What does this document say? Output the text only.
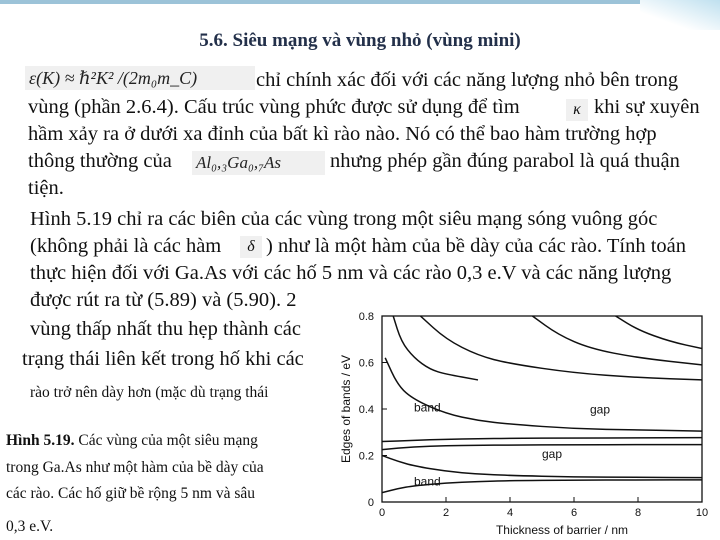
5.6. Siêu mạng và vùng nhỏ (vùng mini)
ε(K) ≈ ℏ²K² /(2m₀m_C)
κ
Al₀,₃Ga₀,₇As
δ
chỉ chính xác đối với các năng lượng nhỏ bên trong
vùng (phần 2.6.4). Cấu trúc vùng phức được sử dụng để tìm	khi sự xuyên
hầm xảy ra ở dưới xa đỉnh của bất kì rào nào. Nó có thể bao hàm trường hợp
thông thường của	nhưng phép gần đúng parabol là quá thuận
tiện.
Hình 5.19 chỉ ra các biên của các vùng trong một siêu mạng sóng vuông góc
(không phải là các hàm ) như là một hàm của bề dày của các rào. Tính toán
thực hiện đối với Ga.As với các hố 5 nm và các rào 0,3 e.V và các năng lượng
được rút ra từ (5.89) và (5.90). 2
vùng thấp nhất thu hẹp thành các
trạng thái liên kết trong hố khi các
rào trở nên dày hơn (mặc dù trạng thái
Hình 5.19. Các vùng của một siêu mạng
trong Ga.As như một hàm của bề dày của
các rào. Các hố giữ bề rộng 5 nm và sâu
0,3 e.V.
0	2	4	6	8	10
0
0.2
0.4
0.6
0.8
Thickness of barrier / nm
Edges of bands / eV	band	gap
gap
band
